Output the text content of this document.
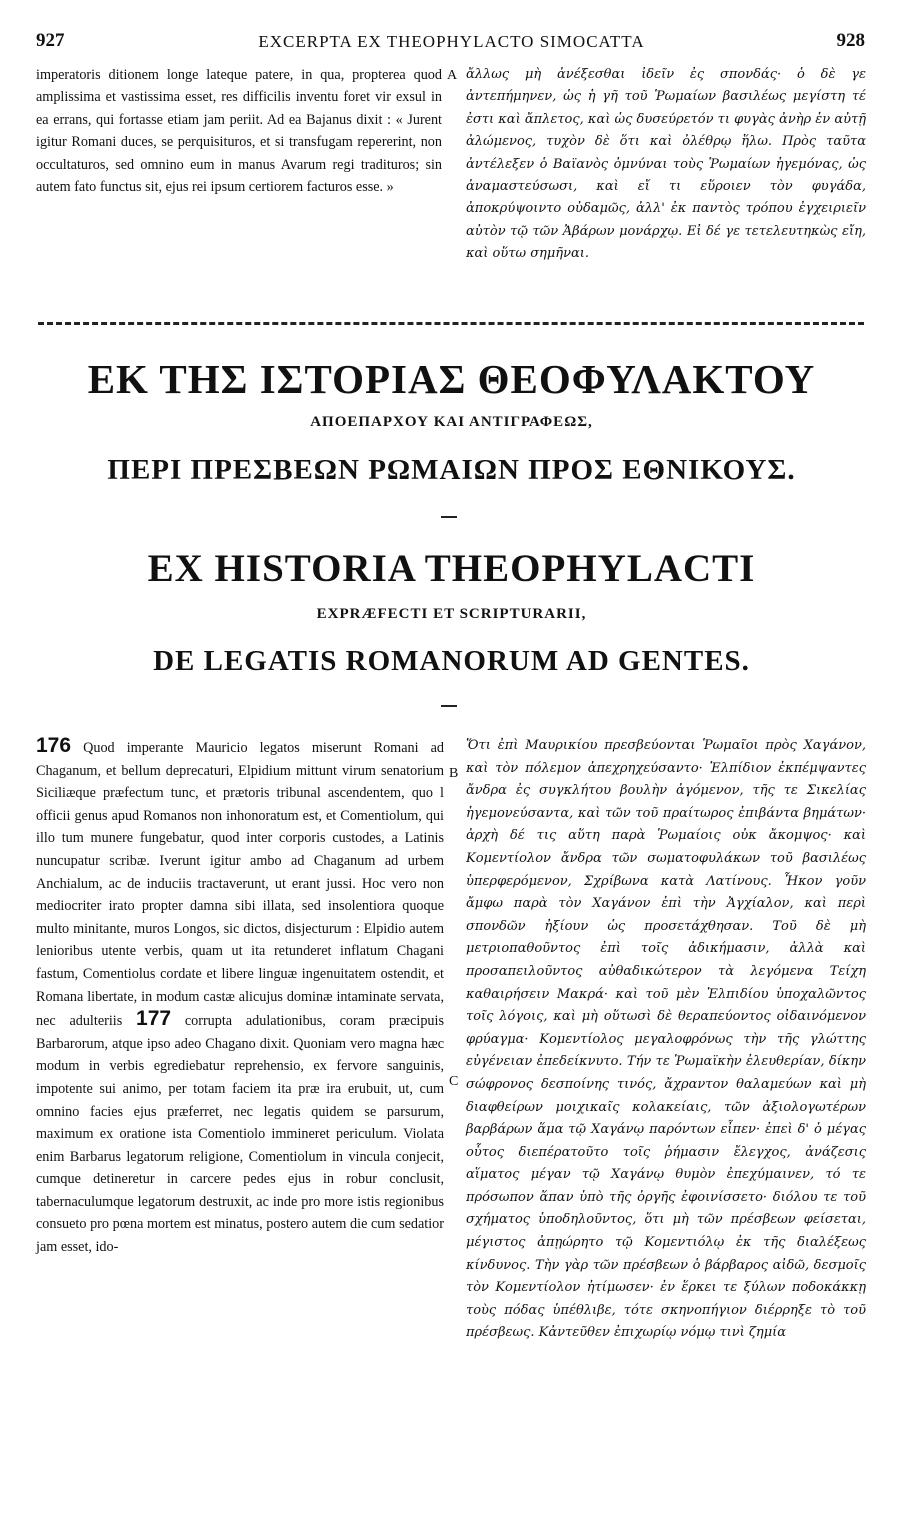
927	EXCERPTA EX THEOPHYLACTO SIMOCATTA	928

imperatoris ditionem longe lateque patere, in qua, propterea quod amplissima et vastissima esset, res difficilis inventu foret vir exsul in ea errans, qui fortasse etiam jam periit. Ad ea Bajanus dixit : « Jurent igitur Romani duces, se perquisituros, et si transfugam repererint, non occultaturos, sed omnino eum in manus Avarum regi tradituros; sin autem fato functus sit, ejus rei ipsum certiorem facturos esse. »

A ἄλλως μὴ ἀνέξεσθαι ἰδεῖν ἐς σπονδάς· ὁ δὲ γε ἀντεπήμηνεν, ὡς ἡ γῆ τοῦ Ῥωμαίων βασιλέως μεγίστη τέ ἐστι καὶ ἄπλετος, καὶ ὡς δυσεύρετόν τι φυγὰς ἀνὴρ ἐν αὐτῇ ἀλώμενος, τυχὸν δὲ ὅτι καὶ ὀλέθρῳ ἥλω. Πρὸς ταῦτα ἀντέλεξεν ὁ Βαϊανὸς ὀμνύναι τοὺς Ῥωμαίων ἡγεμόνας, ὡς ἀναμαστεύσωσι, καὶ εἴ τι εὕροιεν τὸν φυγάδα, ἀποκρύψοιντο οὐδαμῶς, ἀλλ' ἐκ παντὸς τρόπου ἐγχειριεῖν αὐτὸν τῷ τῶν Ἀβάρων μονάρχῳ. Εἰ δέ γε τετελευτηκὼς εἴη, καὶ οὕτω σημῆναι.

ΕΚ ΤΗΣ ΙΣΤΟΡΙΑΣ ΘΕΟΦΥΛΑΚΤΟΥ
ΑΠΟΕΠΑΡΧΟΥ ΚΑΙ ΑΝΤΙΓΡΑΦΕΩΣ,
ΠΕΡΙ ΠΡΕΣΒΕΩΝ ΡΩΜΑΙΩΝ ΠΡΟΣ ΕΘΝΙΚΟΥΣ.
EX HISTORIA THEOPHYLACTI
EXPRÆFECTI ET SCRIPTURARII,
DE LEGATIS ROMANORUM AD GENTES.

176 Quod imperante Mauricio legatos miserunt Romani ad Chaganum, et bellum deprecaturi, Elpidium mittunt virum senatorium Siciliæque præfectum tunc, et prætoris tribunal ascendentem, quo l officii genus apud Romanos non inhonoratum est, et Comentiolum, qui illo tum munere fungebatur, quod inter corporis custodes, a Latinis nuncupatur scribæ. Iverunt igitur ambo ad Chaganum ad urbem Anchialum, ac de induciis tractaverunt, ut erant jussi. Hoc vero non mediocriter irato propter damna sibi illata, sed insolentiora quoque multo minitante, muros Longos, sic dictos, disjecturum : Elpidio autem lenioribus utente verbis, quam ut ita retunderet inflatum Chagani fastum, Comentiolus cordate et libere linguæ ingenuitatem ostendit, et Romana libertate, in modum castæ alicujus dominæ intaminate servata, nec adulteriis 177 corrupta adulationibus, coram præcipuis Barbarorum, atque ipso adeo Chagano dixit. Quoniam vero magna hæc modum in verbis egrediebatur reprehensio, ex fervore sanguinis, impotente sui animo, per totam faciem ita præ ira erubuit, ut, cum omnino facies ejus præferret, nec legatis quidem se parsurum, maximum ex oratione ista Comentiolo immineret periculum. Violata enim Barbarus legatorum religione, Comentiolum in vincula conjecit, cumque detineretur in carcere pedes ejus in robur conclusit, tabernaculumque legatorum destruxit, ac inde pro more istis regionibus consueto pro pœna mortem est minatus, postero autem die cum sedatior jam esset, ido-

B
C

Ὅτι ἐπὶ Μαυρικίου πρεσβεύονται Ῥωμαῖοι πρὸς Χαγάνον, καὶ τὸν πόλεμον ἀπεχρηχεύσαντο· Ἐλπίδιον ἐκπέμψαντες ἄνδρα ἐς συγκλήτου βουλὴν ἀγόμενον, τῆς τε Σικελίας ἡγεμονεύσαντα, καὶ τῶν τοῦ πραίτωρος ἐπιβάντα βημάτων· ἀρχὴ δέ τις αὕτη παρὰ Ῥωμαίοις οὐκ ἄκομψος· καὶ Κομεντίολον ἄνδρα τῶν σωματοφυλάκων τοῦ βασιλέως ὑπερφερόμενον, Σχρίβωνα κατὰ Λατίνους. Ἧκον γοῦν ἄμφω παρὰ τὸν Χαγάνον ἐπὶ τὴν Ἀγχίαλον, καὶ περὶ σπονδῶν ἠξίουν ὡς προσετάχθησαν. Τοῦ δὲ μὴ μετριοπαθοῦντος ἐπὶ τοῖς ἀδικήμασιν, ἀλλὰ καὶ προσαπειλοῦντος αὐθαδικώτερον τὰ λεγόμενα Τείχη καθαιρήσειν Μακρά· καὶ τοῦ μὲν Ἐλπιδίου ὑποχαλῶντος τοῖς λόγοις, καὶ μὴ οὕτωσὶ δὲ θεραπεύοντος οἰδαινόμενον φρύαγμα· Κομεντίολος μεγαλοφρόνως τὴν τῆς γλώττης εὐγένειαν ἐπεδείκνυτο. Τήν τε Ῥωμαϊκὴν ἐλευθερίαν, δίκην σώφρονος δεσποίνης τινός, ἄχραντον θαλαμεύων καὶ μὴ διαφθείρων μοιχικαῖς κολακείαις, τῶν ἀξιολογωτέρων βαρβάρων ἅμα τῷ Χαγάνῳ παρόντων εἶπεν· ἐπεὶ δ' ὁ μέγας οὗτος διεπέρατοῦτο τοῖς ῥήμασιν ἔλεγχος, ἀνάζεσις αἵματος μέγαν τῷ Χαγάνῳ θυμὸν ἐπεχύμαινεν, τό τε πρόσωπον ἅπαν ὑπὸ τῆς ὀργῆς ἐφοινίσσετο· διόλου τε τοῦ σχήματος ὑποδηλοῦντος, ὅτι μὴ τῶν πρέσβεων φείσεται, μέγιστος ἀπῃώρητο τῷ Κομεντιόλῳ ἐκ τῆς διαλέξεως κίνδυνος. Τὴν γὰρ τῶν πρέσβεων ὁ βάρβαρος αἰδῶ, δεσμοῖς τὸν Κομεντίολον ἠτίμωσεν· ἐν ἕρκει τε ξύλων ποδοκάκκῃ τοὺς πόδας ὑπέθλιβε, τότε σκηνοπήγιον διέρρηξε τὸ τοῦ πρέσβεως. Κἀντεῦθεν ἐπιχωρίῳ νόμῳ τινὶ ζημία
